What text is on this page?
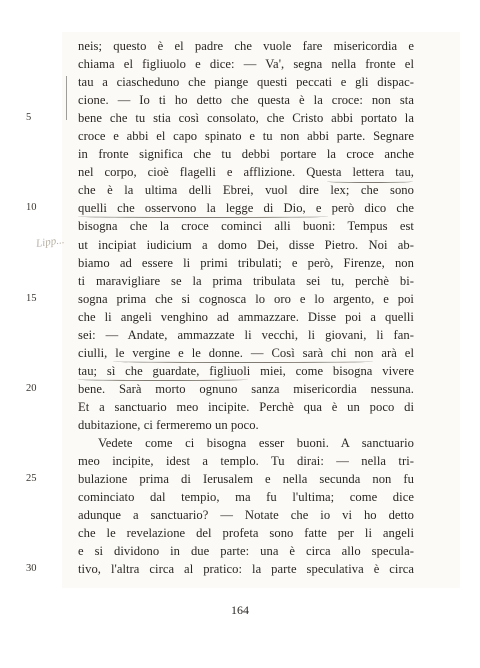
Lipp...
neis; questo è el padre che vuole fare misericordia e
chiama el figliuolo e dice: — Va', segna nella fronte el
tau a ciascheduno che piange questi peccati e gli dispac-
cione. — Io ti ho detto che questa è la croce: non sta
5	bene che tu stia così consolato, che Cristo abbi portato la
croce e abbi el capo spinato e tu non abbi parte. Segnare
in fronte significa che tu debbi portare la croce anche
nel corpo, cioè flagelli e afflizione. Questa lettera tau,
che è la ultima delli Ebrei, vuol dire lex; che sono
10	quelli che osservono la legge di Dio, e però dico che
bisogna che la croce cominci alli buoni: Tempus est
ut incipiat iudicium a domo Dei, disse Pietro. Noi ab-
biamo ad essere li primi tribulati; e però, Firenze, non
ti maravigliare se la prima tribulata sei tu, perchè bi-
15	sogna prima che si cognosca lo oro e lo argento, e poi
che li angeli venghino ad ammazzare. Disse poi a quelli
sei: — Andate, ammazzate li vecchi, li giovani, li fan-
ciulli, le vergine e le donne. — Così sarà chi non arà el
tau; sì che guardate, figliuoli miei, come bisogna vivere
20	bene. Sarà morto ognuno sanza misericordia nessuna.
Et a sanctuario meo incipite. Perchè qua è un poco di
dubitazione, ci fermeremo un poco.
Vedete come ci bisogna esser buoni. A sanctuario
meo incipite, idest a templo. Tu dirai: — nella tri-
25	bulazione prima di Ierusalem e nella secunda non fu
cominciato dal tempio, ma fu l'ultima; come dice
adunque a sanctuario? — Notate che io vi ho detto
che le revelazione del profeta sono fatte per li angeli
e si dividono in due parte: una è circa allo specula-
30	tivo, l'altra circa al pratico: la parte speculativa è circa
164
